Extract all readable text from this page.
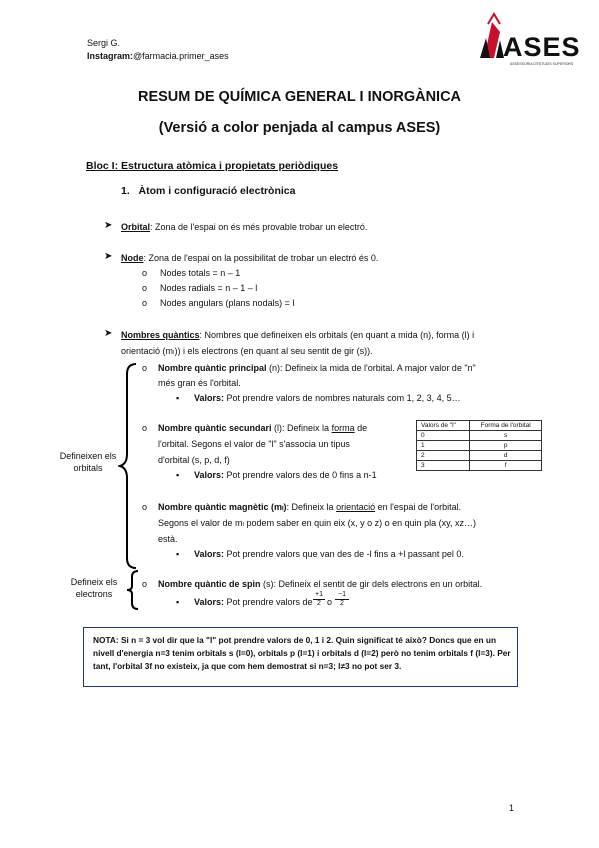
Sergi G.
Instagram:@farmacia.primer_ases	ASES
ASSESSORIA D'ESTUDIS SUPERIORS
RESUM DE QUÍMICA GENERAL I INORGÀNICA
(Versió a color penjada al campus ASES)
Bloc I: Estructura atòmica i propietats periòdiques
1. Àtom i configuració electrònica
➤ Orbital: Zona de l'espai on és més provable trobar un electró.
➤ Node: Zona de l'espai on la possibilitat de trobar un electró és 0.
o Nodes totals = n – 1
o Nodes radials = n – 1 – l
o Nodes angulars (plans nodals) = l
➤ Nombres quàntics: Nombres que defineixen els orbitals (en quant a mida (n), forma (l) i
orientació (mₗ)) i els electrons (en quant al seu sentit de gir (s)).
Defineixen els orbitals
Defineix els electrons
o Nombre quàntic principal (n): Defineix la mida de l'orbital. A major valor de "n"
més gran és l'orbital.
▪ Valors: Pot prendre valors de nombres naturals com 1, 2, 3, 4, 5…
o Nombre quàntic secundari (l): Defineix la forma de
l'orbital. Segons el valor de "l" s'associa un tipus
d'orbital (s, p, d, f)
▪ Valors: Pot prendre valors des de 0 fins a n-1
Valors de "l"	Forma de l'orbital
0	s
1	p
2	d
3	f
o Nombre quàntic magnètic (mₗ): Defineix la orientació en l'espai de l'orbital.
Segons el valor de mₗ podem saber en quin eix (x, y o z) o en quin pla (xy, xz…)
està.
▪ Valors: Pot prendre valors que van des de -l fins a +l passant pel 0.
o Nombre quàntic de spin (s): Defineix el sentit de gir dels electrons en un orbital.
▪ Valors: Pot prendre valors de $\frac{+1}{2}$ o $\frac{-1}{2}$
NOTA: Si n = 3 vol dir que la "l" pot prendre valors de 0, 1 i 2. Quin significat té això? Doncs que en un
nivell d'energia n=3 tenim orbitals s (l=0), orbitals p (l=1) i orbitals d (l=2) però no tenim orbitals f (l=3). Per
tant, l'orbital 3f no existeix, ja que com hem demostrat si n=3; l≠3 no pot ser 3.
1
